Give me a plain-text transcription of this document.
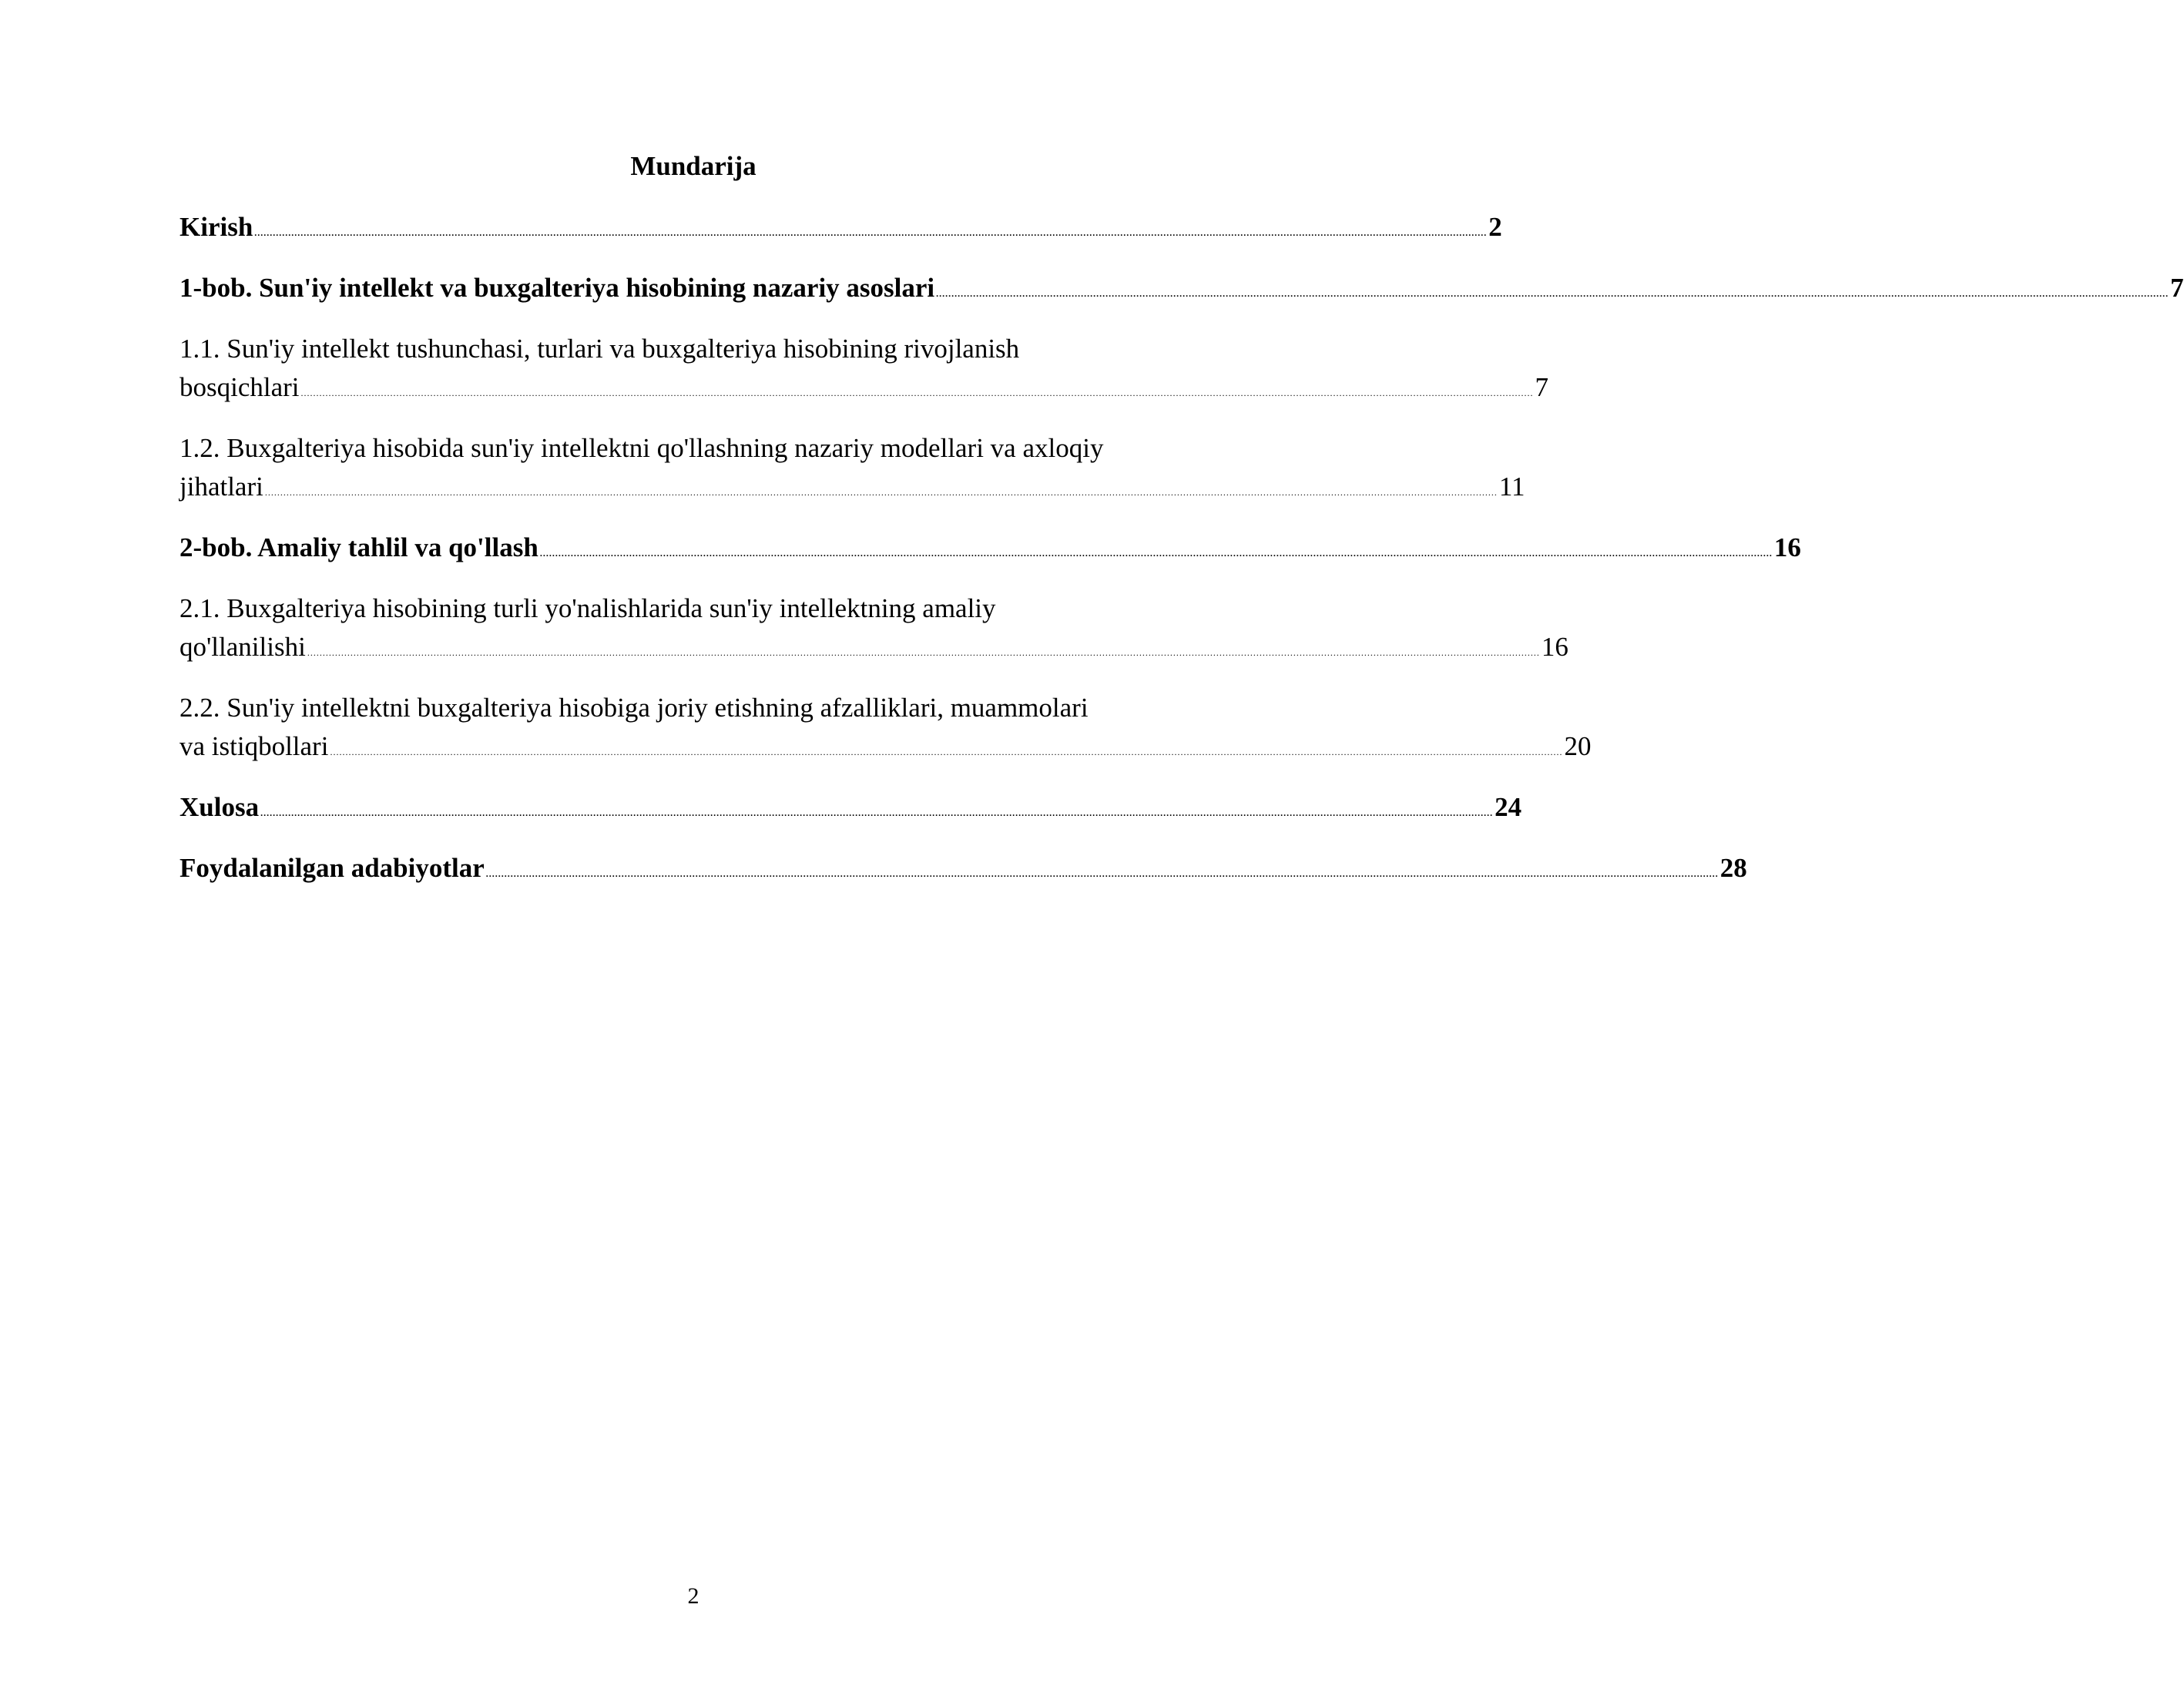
Mundarija
Kirish ................................................................................................................................................................................................................................................................................................................................................................................................................ 2
1-bob. Sun'iy intellekt va buxgalteriya hisobining nazariy asoslari ................................................................................................................................................................................................................................................................................................................................................................................................................ 7
1.1. Sun'iy intellekt tushunchasi, turlari va buxgalteriya hisobining rivojlanish
bosqichlari ................................................................................................................................................................................................................................................................................................................................................................................................................ 7
1.2. Buxgalteriya hisobida sun'iy intellektni qo'llashning nazariy modellari va axloqiy
jihatlari ................................................................................................................................................................................................................................................................................................................................................................................................................ 11
2-bob. Amaliy tahlil va qo'llash ................................................................................................................................................................................................................................................................................................................................................................................................................ 16
2.1. Buxgalteriya hisobining turli yo'nalishlarida sun'iy intellektning amaliy
qo'llanilishi ................................................................................................................................................................................................................................................................................................................................................................................................................ 16
2.2. Sun'iy intellektni buxgalteriya hisobiga joriy etishning afzalliklari, muammolari
va istiqbollari ................................................................................................................................................................................................................................................................................................................................................................................................................ 20
Xulosa ................................................................................................................................................................................................................................................................................................................................................................................................................ 24
Foydalanilgan adabiyotlar ................................................................................................................................................................................................................................................................................................................................................................................................................ 28
2
